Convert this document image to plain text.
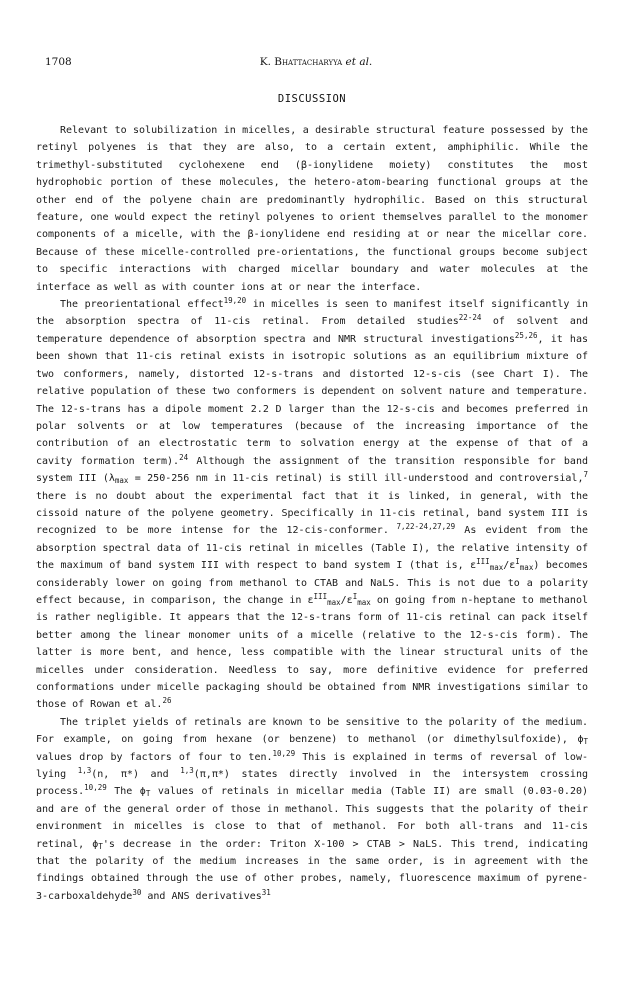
1708	K. Bhattacharyya et al.
DISCUSSION

Relevant to solubilization in micelles, a desirable structural feature possessed by the retinyl polyenes is that they are also, to a certain extent, amphiphilic. While the trimethyl-substituted cyclohexene end (β-ionylidene moiety) constitutes the most hydrophobic portion of these molecules, the hetero-atom-bearing functional groups at the other end of the polyene chain are predominantly hydrophilic. Based on this structural feature, one would expect the retinyl polyenes to orient themselves parallel to the monomer components of a micelle, with the β-ionylidene end residing at or near the micellar core. Because of these micelle-controlled pre-orientations, the functional groups become subject to specific interactions with charged micellar boundary and water molecules at the interface as well as with counter ions at or near the interface.

The preorientational effect$^{19,20}$ in micelles is seen to manifest itself significantly in the absorption spectra of 11-cis retinal. From detailed studies$^{22-24}$ of solvent and temperature dependence of absorption spectra and NMR structural investigations$^{25,26}$, it has been shown that 11-cis retinal exists in isotropic solutions as an equilibrium mixture of two conformers, namely, distorted 12-s-trans and distorted 12-s-cis (see Chart I). The relative population of these two conformers is dependent on solvent nature and temperature. The 12-s-trans has a dipole moment 2.2 D larger than the 12-s-cis and becomes preferred in polar solvents or at low temperatures (because of the increasing importance of the contribution of an electrostatic term to solvation energy at the expense of that of a cavity formation term).$^{24}$ Although the assignment of the transition responsible for band system III ($\lambda_{max} = 250-256$ nm in 11-cis retinal) is still ill-understood and controversial,$^7$ there is no doubt about the experimental fact that it is linked, in general, with the cissoid nature of the polyene geometry. Specifically in 11-cis retinal, band system III is recognized to be more intense for the 12-cis-conformer. $^{7,22-24,27,29}$ As evident from the absorption spectral data of 11-cis retinal in micelles (Table I), the relative intensity of the maximum of band system III with respect to band system I (that is, $\varepsilon^{III}_{max}/\varepsilon^I_{max}$) becomes considerably lower on going from methanol to CTAB and NaLS. This is not due to a polarity effect because, in comparison, the change in $\varepsilon^{III}_{max}/\varepsilon^I_{max}$ on going from n-heptane to methanol is rather negligible. It appears that the 12-s-trans form of 11-cis retinal can pack itself better among the linear monomer units of a micelle (relative to the 12-s-cis form). The latter is more bent, and hence, less compatible with the linear structural units of the micelles under consideration. Needless to say, more definitive evidence for preferred conformations under micelle packaging should be obtained from NMR investigations similar to those of Rowan et al.$^{26}$

The triplet yields of retinals are known to be sensitive to the polarity of the medium. For example, on going from hexane (or benzene) to methanol (or dimethylsulfoxide), $\phi_T$ values drop by factors of four to ten.$^{10,29}$ This is explained in terms of reversal of low-lying $^{1,3}$(n, π*) and $^{1,3}$(π,π*) states directly involved in the intersystem crossing process.$^{10,29}$ The $\phi_T$ values of retinals in micellar media (Table II) are small (0.03-0.20) and are of the general order of those in methanol. This suggests that the polarity of their environment in micelles is close to that of methanol. For both all-trans and 11-cis retinal, $\phi_T's$ decrease in the order: Triton X-100 > CTAB > NaLS. This trend, indicating that the polarity of the medium increases in the same order, is in agreement with the findings obtained through the use of other probes, namely, fluorescence maximum of pyrene-3-carboxaldehyde$^{30}$ and ANS derivatives$^{31}$
